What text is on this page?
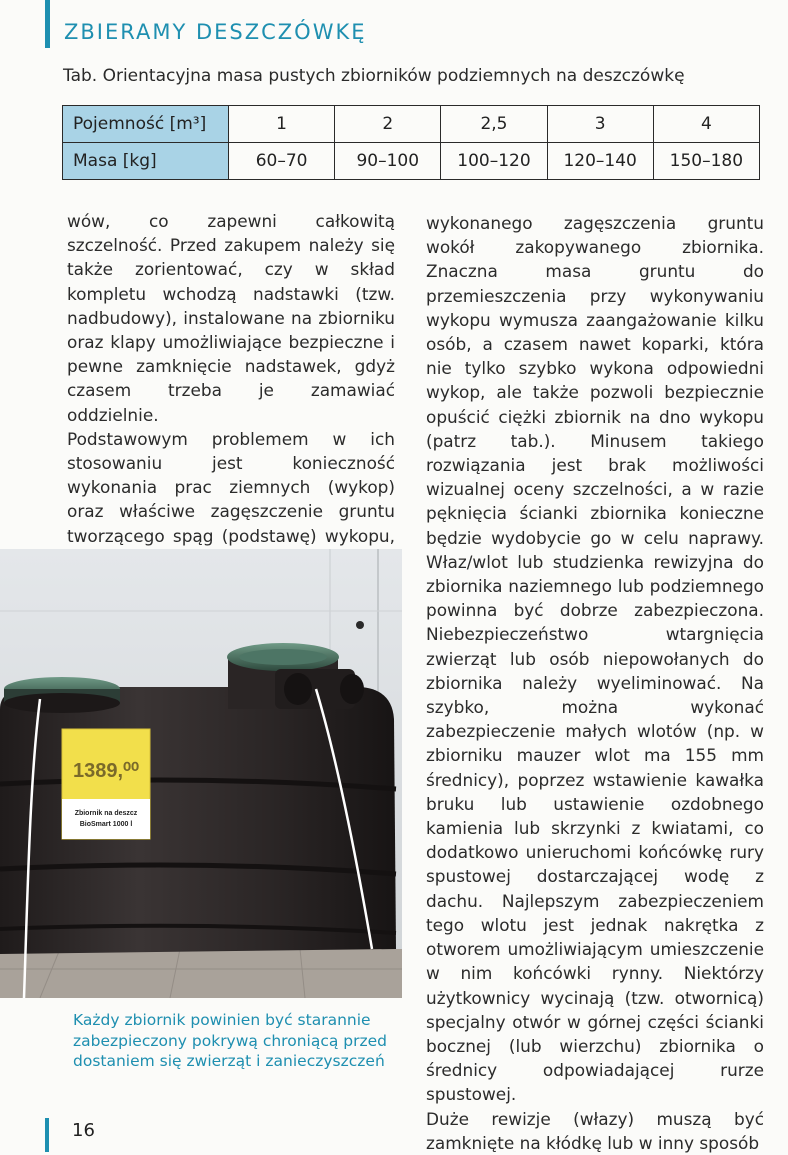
ZBIERAMY DESZCZÓWKĘ
Tab. Orientacyjna masa pustych zbiorników podziemnych na deszczówkę
Pojemność [m³]	1	2	2,5	3	4
Masa [kg]	60–70	90–100	100–120	120–140	150–180

wów, co zapewni całkowitą szczelność. Przed zakupem należy się także zorientować, czy w skład kompletu wchodzą nadstawki (tzw. nadbudowy), instalowane na zbiorniku oraz klapy umożliwiające bezpieczne i pewne zamknięcie nadstawek, gdyż czasem trzeba je zamawiać oddzielnie.

Podstawowym problemem w ich stosowaniu jest konieczność wykonania prac ziemnych (wykop) oraz właściwe zagęszczenie gruntu tworzącego spąg (podstawę) wykopu,

wykonanego zagęszczenia gruntu wokół zakopywanego zbiornika. Znaczna masa gruntu do przemieszczenia przy wykonywaniu wykopu wymusza zaangażowanie kilku osób, a czasem nawet koparki, która nie tylko szybko wykona odpowiedni wykop, ale także pozwoli bezpiecznie opuścić ciężki zbiornik na dno wykopu (patrz tab.). Minusem takiego rozwiązania jest brak możliwości wizualnej oceny szczelności, a w razie pęknięcia ścianki zbiornika konieczne będzie wydobycie go w celu naprawy. Właz/wlot lub studzienka rewizyjna do zbiornika naziemnego lub podziemnego powinna być dobrze zabezpieczona. Niebezpieczeństwo wtargnięcia zwierząt lub osób niepowołanych do zbiornika należy wyeliminować. Na szybko, można wykonać zabezpieczenie małych wlotów (np. w zbiorniku mauzer wlot ma 155 mm średnicy), poprzez wstawienie kawałka bruku lub ustawienie ozdobnego kamienia lub skrzynki z kwiatami, co dodatkowo unieruchomi końcówkę rury spustowej dostarczającej wodę z dachu. Najlepszym zabezpieczeniem tego wlotu jest jednak nakrętka z otworem umożliwiającym umieszczenie w nim końcówki rynny. Niektórzy użytkownicy wycinają (tzw. otwornicą) specjalny otwór w górnej części ścianki bocznej (lub wierzchu) zbiornika o średnicy odpowiadającej rurze spustowej.

Duże rewizje (włazy) muszą być zamknięte na kłódkę lub w inny sposób

1389,⁰⁰
Zbiornik na deszcz
BioSmart 1000 l
Każdy zbiornik powinien być starannie zabezpieczony pokrywą chroniącą przed dostaniem się zwierząt i zanieczyszczeń
16
